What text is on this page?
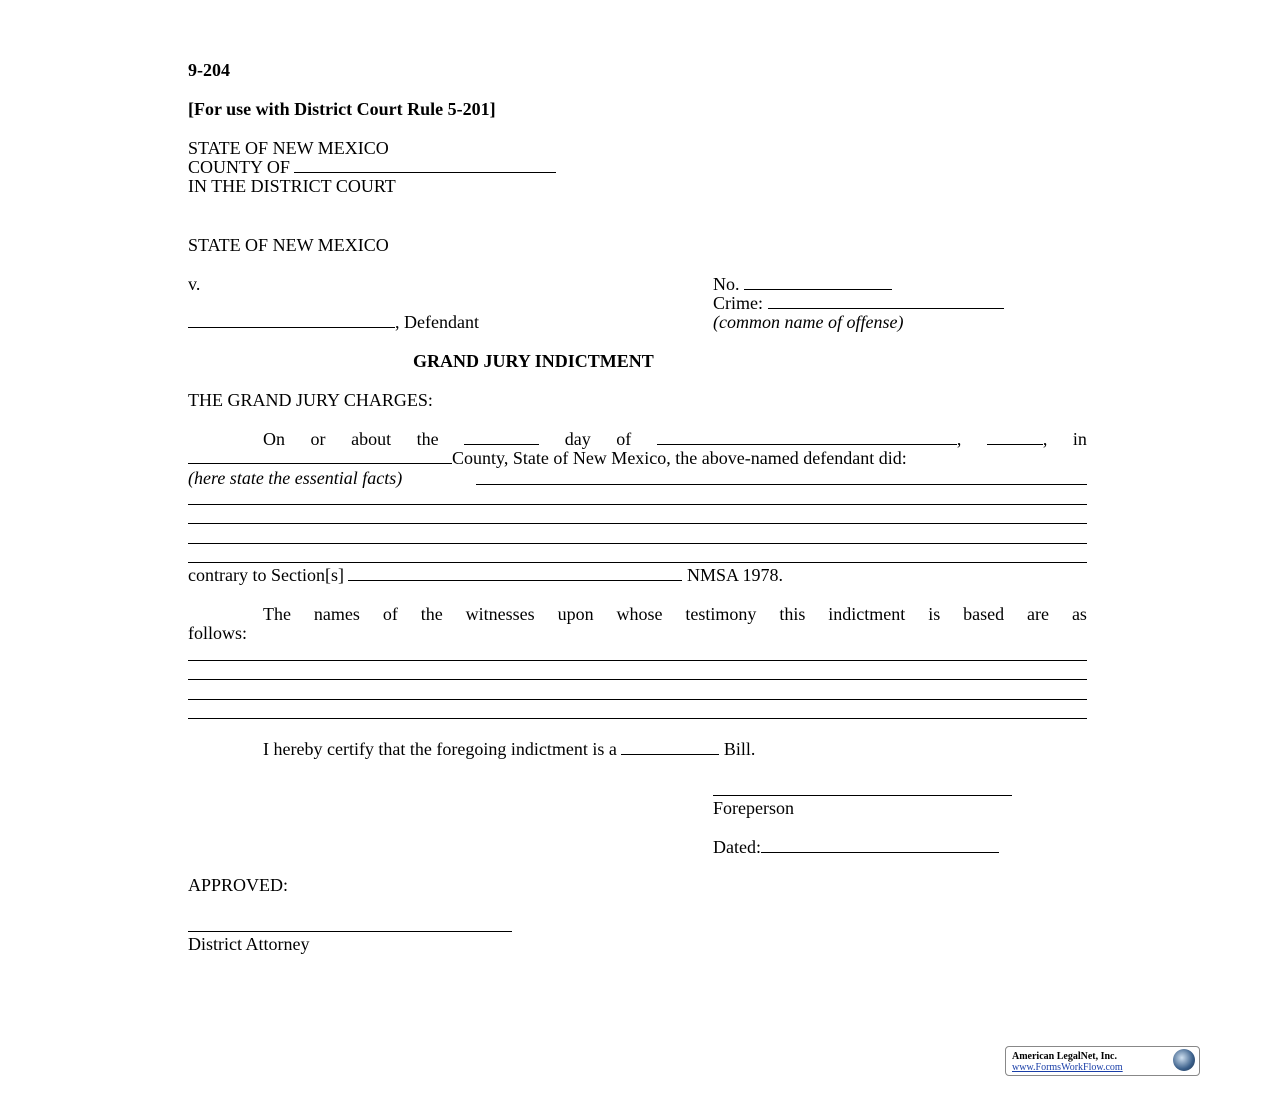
9-204
[For use with District Court Rule 5-201]
STATE OF NEW MEXICO
COUNTY OF
IN THE DISTRICT COURT
STATE OF NEW MEXICO
v.	No.
Crime:
, Defendant	(common name of offense)
GRAND JURY INDICTMENT
THE GRAND JURY CHARGES:
On or about the	day of	,	, in
County, State of New Mexico, the above-named defendant did:
(here state the essential facts)
contrary to Section[s]	NMSA 1978.
The names of the witnesses upon whose testimony this indictment is based are as
follows:
I hereby certify that the foregoing indictment is a	Bill.
Foreperson
Dated:
APPROVED:
District Attorney
American LegalNet, Inc.
www.FormsWorkFlow.com
